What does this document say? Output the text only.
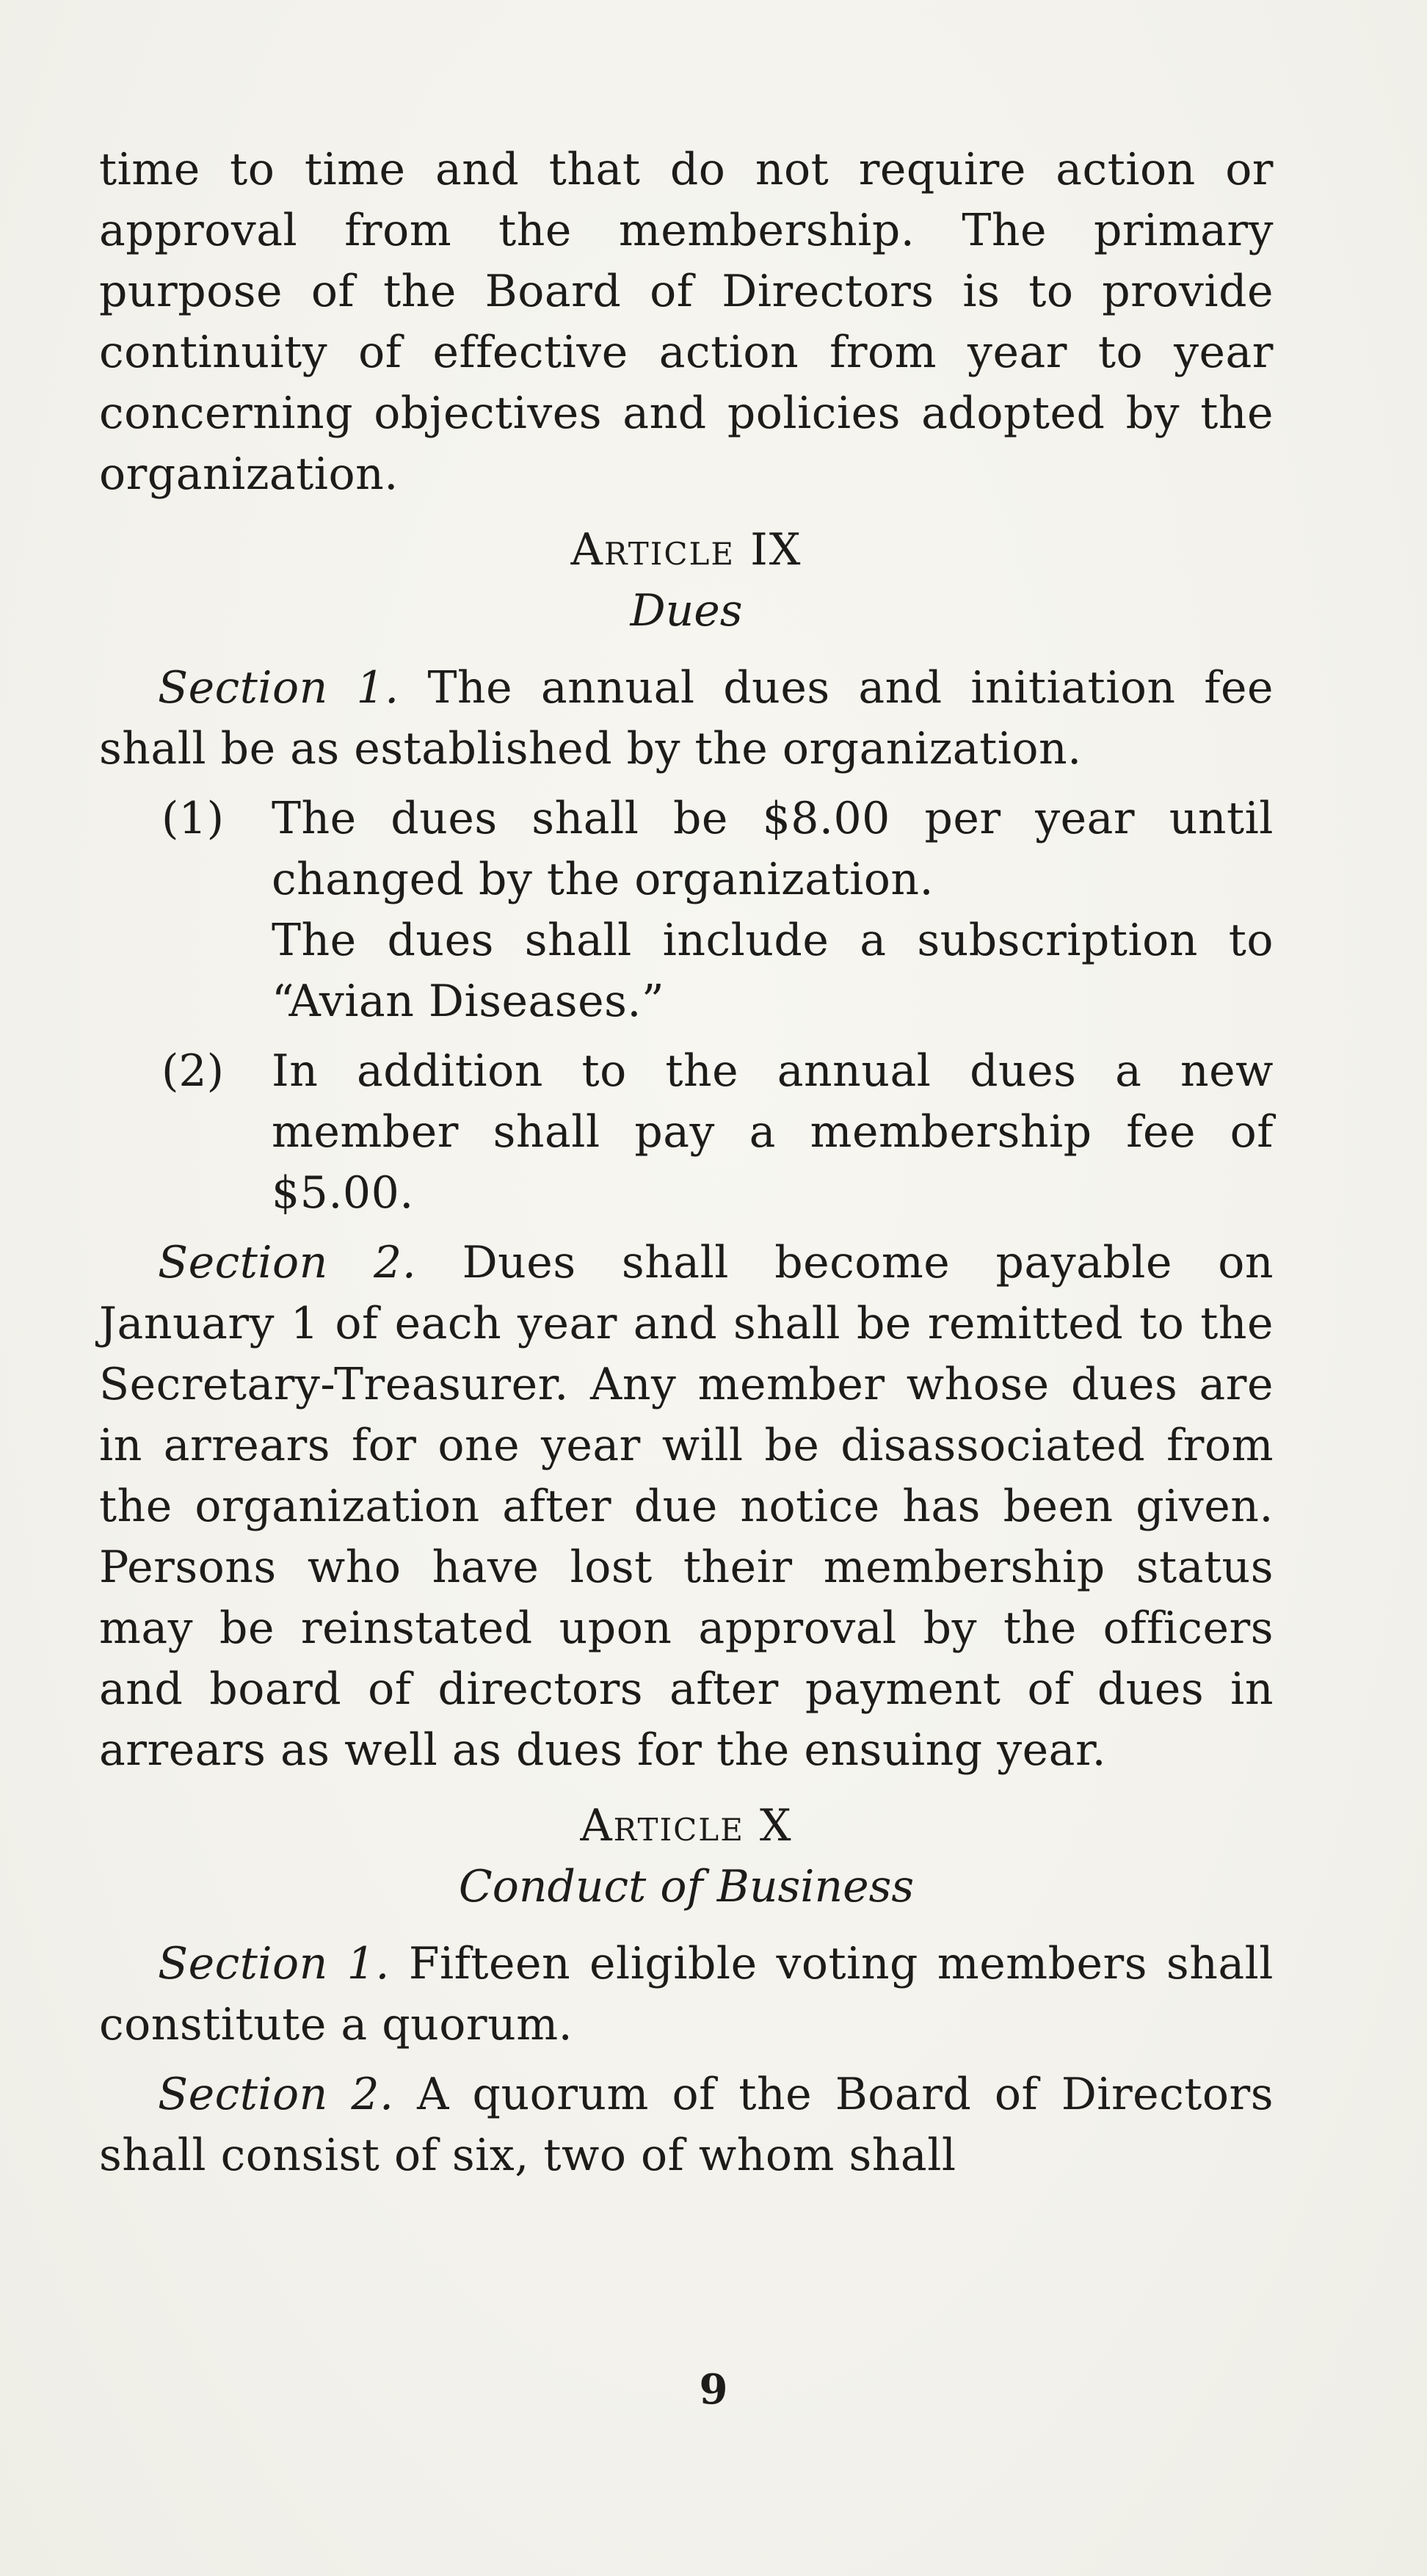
time to time and that do not require action or approval from the membership. The primary purpose of the Board of Directors is to provide continuity of effective action from year to year concerning objectives and policies adopted by the organization.

Article IX
Dues

Section 1. The annual dues and initiation fee shall be as established by the organization.

(1)	The dues shall be $8.00 per year until changed by the organization.

The dues shall include a subscription to “Avian Diseases.”

(2)	In addition to the annual dues a new member shall pay a membership fee of $5.00.

Section 2. Dues shall become payable on January 1 of each year and shall be remitted to the Secretary-Treasurer. Any member whose dues are in arrears for one year will be disassociated from the organization after due notice has been given. Persons who have lost their membership status may be reinstated upon approval by the officers and board of directors after payment of dues in arrears as well as dues for the ensuing year.

Article X
Conduct of Business

Section 1. Fifteen eligible voting members shall constitute a quorum.

Section 2. A quorum of the Board of Directors shall consist of six, two of whom shall

9
